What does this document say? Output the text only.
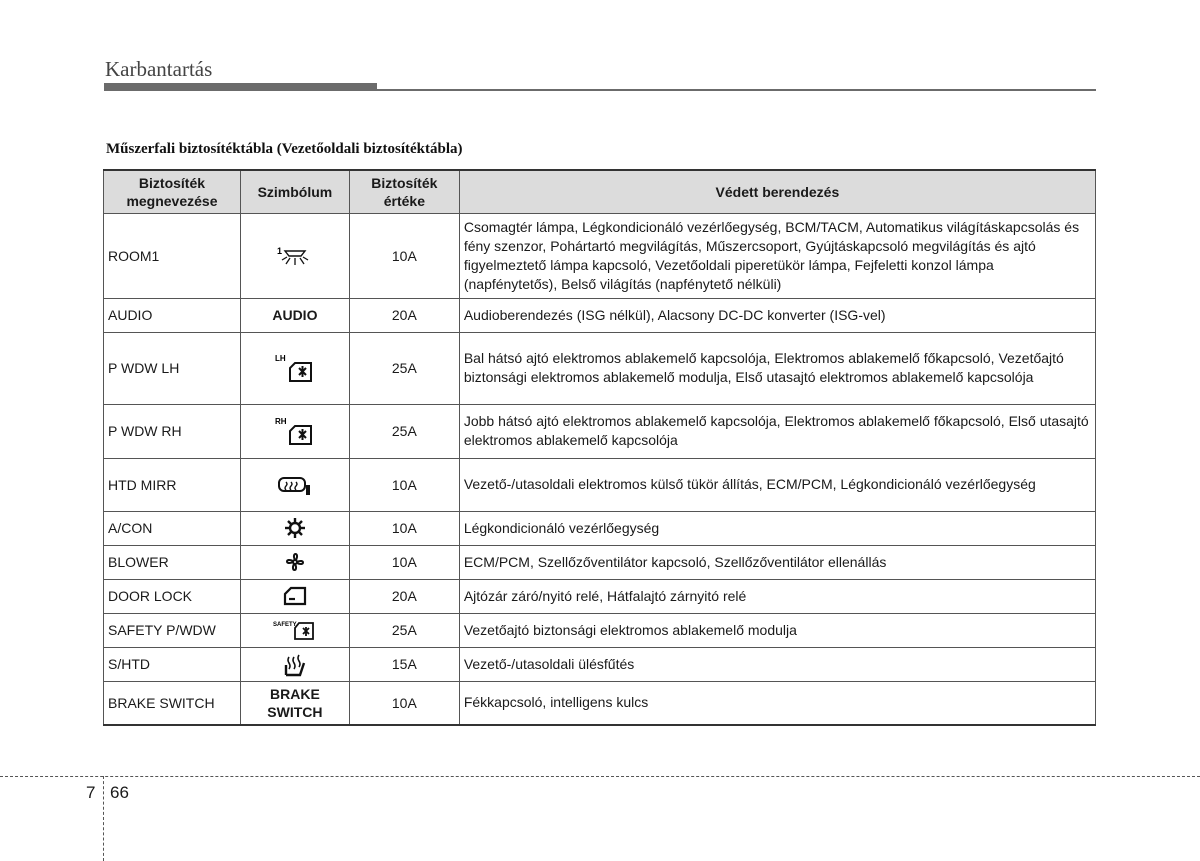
Karbantartás
Műszerfali biztosítéktábla (Vezetőoldali biztosítéktábla)
Biztosíték megnevezése	Szimbólum	Biztosíték értéke	Védett berendezés
ROOM1	1	10A	Csomagtér lámpa, Légkondicionáló vezérlőegység, BCM/TACM, Automatikus világításkapcsolás és fény szenzor, Pohártartó megvilágítás, Műszercsoport, Gyújtáskapcsoló megvilágítás és ajtó figyelmeztető lámpa kapcsoló, Vezetőoldali piperetükör lámpa, Fejfeletti konzol lámpa (napfénytetős), Belső világítás (napfénytető nélküli)
AUDIO	AUDIO	20A	Audioberendezés (ISG nélkül), Alacsony DC-DC konverter (ISG-vel)
P WDW LH	LH	25A	Bal hátsó ajtó elektromos ablakemelő kapcsolója, Elektromos ablakemelő főkapcsoló, Vezetőajtó biztonsági elektromos ablakemelő modulja, Első utasajtó elektromos ablakemelő kapcsolója
P WDW RH	RH	25A	Jobb hátsó ajtó elektromos ablakemelő kapcsolója, Elektromos ablakemelő főkapcsoló, Első utasajtó elektromos ablakemelő kapcsolója
HTD MIRR		10A	Vezető-/utasoldali elektromos külső tükör állítás, ECM/PCM, Légkondicionáló vezérlőegység
A/CON		10A	Légkondicionáló vezérlőegység
BLOWER		10A	ECM/PCM, Szellőzőventilátor kapcsoló, Szellőzőventilátor ellenállás
DOOR LOCK		20A	Ajtózár záró/nyitó relé, Hátfalajtó zárnyitó relé
SAFETY P/WDW	SAFETY	25A	Vezetőajtó biztonsági elektromos ablakemelő modulja
S/HTD		15A	Vezető-/utasoldali ülésfűtés
BRAKE SWITCH	BRAKE SWITCH	10A	Fékkapcsoló, intelligens kulcs
7 66
